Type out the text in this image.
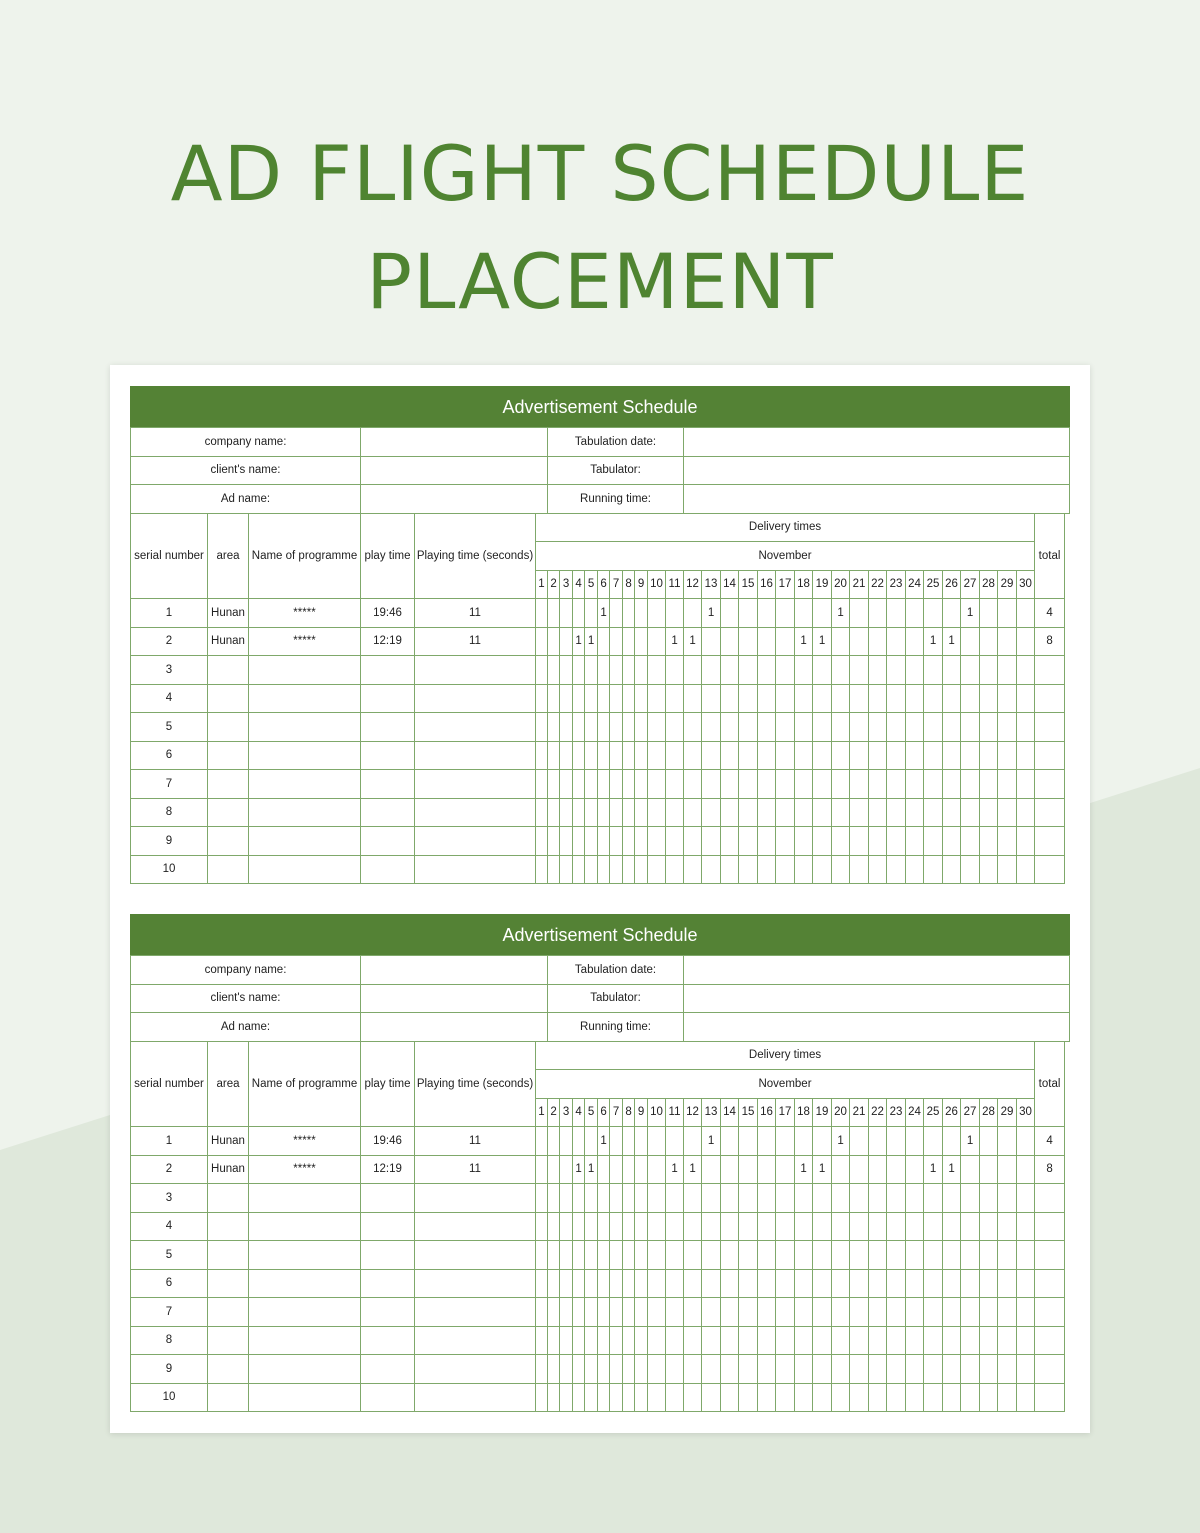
AD FLIGHT SCHEDULE
PLACEMENT
Advertisement Schedule
company name:						Tabulation date:																													
client's name:						Tabulator:																													
Ad name:						Running time:																													
serial number	area	Name of programme	play time	Playing time (seconds)	Delivery times																														total
					November																														
					1	2	3	4	5	6	7	8	9	10	11	12	13	14	15	16	17	18	19	20	21	22	23	24	25	26	27	28	29	30	
1	Hunan	*****	19:46	11						1							1							1							1				4
2	Hunan	*****	12:19	11				1	1						1	1						1	1						1	1					8
3																																			
4																																			
5																																			
6																																			
7																																			
8																																			
9																																			
10																																			
Advertisement Schedule
company name:						Tabulation date:																													
client's name:						Tabulator:																													
Ad name:						Running time:																													
serial number	area	Name of programme	play time	Playing time (seconds)	Delivery times																														total
					November																														
					1	2	3	4	5	6	7	8	9	10	11	12	13	14	15	16	17	18	19	20	21	22	23	24	25	26	27	28	29	30	
1	Hunan	*****	19:46	11						1							1							1							1				4
2	Hunan	*****	12:19	11				1	1						1	1						1	1						1	1					8
3																																			
4																																			
5																																			
6																																			
7																																			
8																																			
9																																			
10																																			
